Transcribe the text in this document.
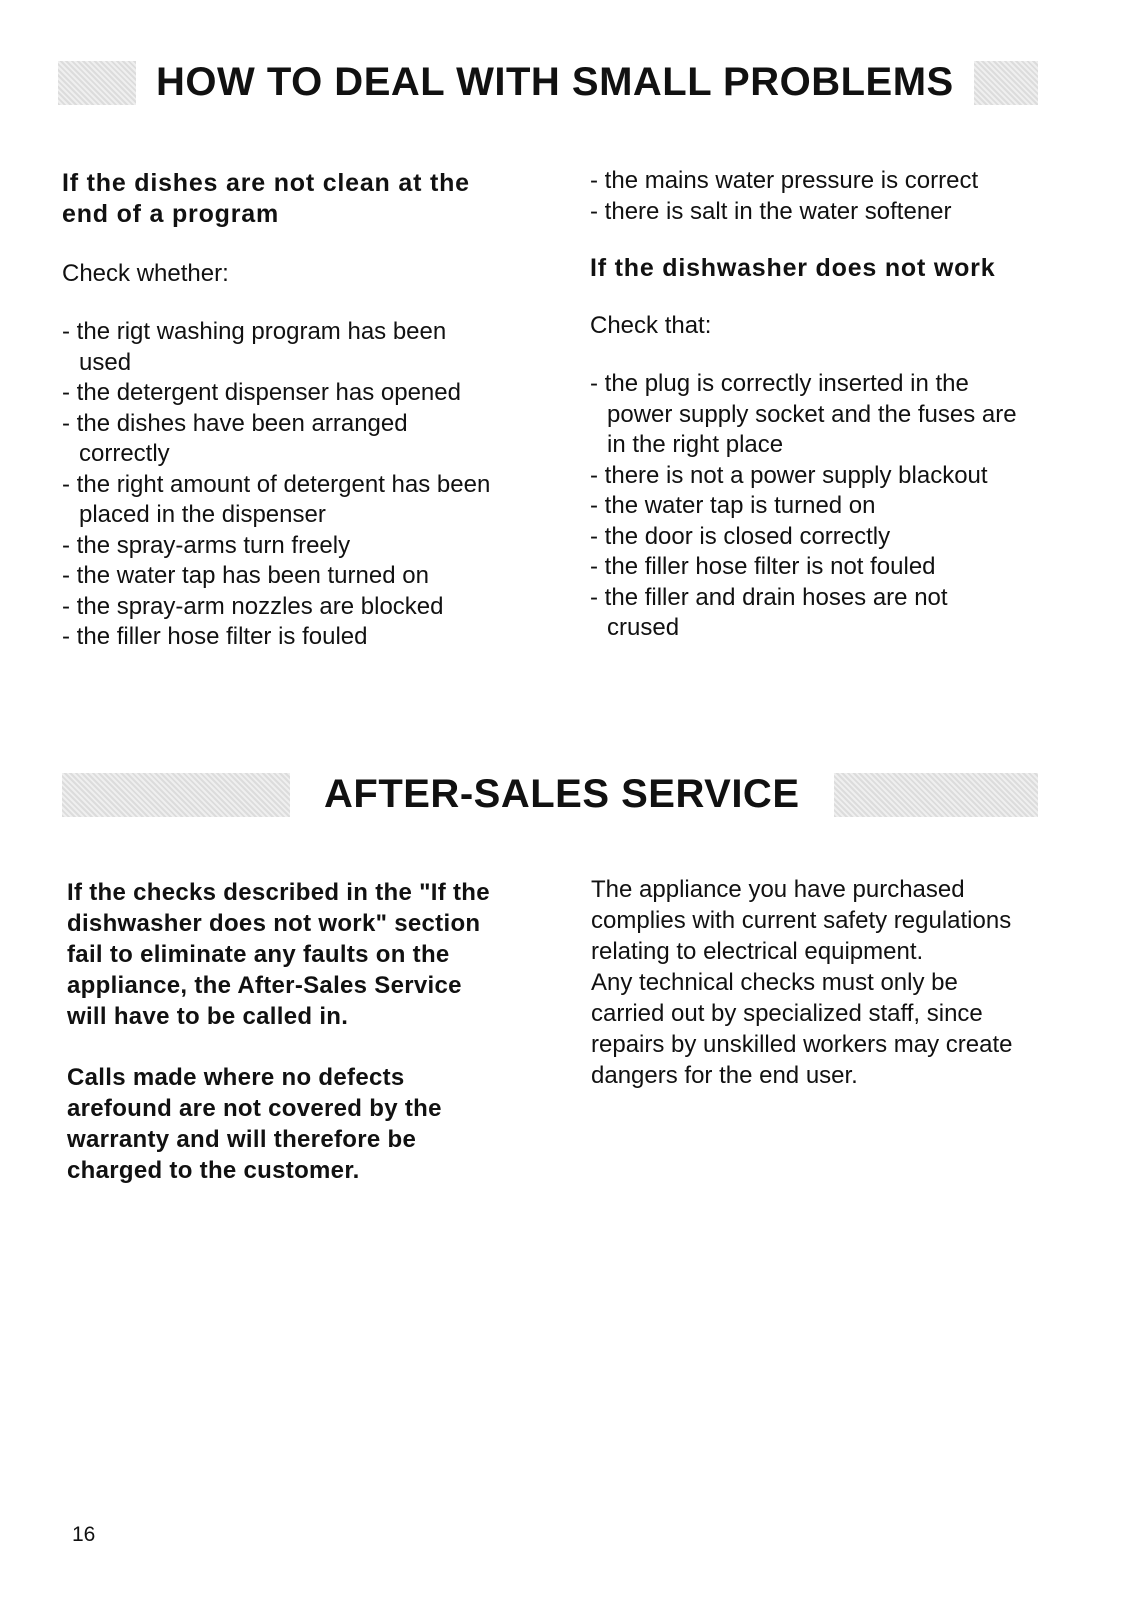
HOW TO DEAL WITH SMALL PROBLEMS

If the dishes are not clean at the end of a program

Check whether:

- the rigt washing program has been used
- the detergent dispenser has opened
- the dishes have been arranged correctly
- the right amount of detergent has been placed in the dispenser
- the spray-arms turn freely
- the water tap has been turned on
- the spray-arm nozzles are blocked
- the filler hose filter is fouled
- the mains water pressure is correct
- there is salt in the water softener

If the dishwasher does not work

Check that:

- the plug is correctly inserted in the power supply socket and the fuses are in the right place
- there is not a power supply blackout
- the water tap is turned on
- the door is closed correctly
- the filler hose filter is not fouled
- the filler and drain hoses are not crused
AFTER-SALES SERVICE

If the checks described in the "If the dishwasher does not work" section fail to eliminate any faults on the appliance, the After-Sales Service will have to be called in.

Calls made where no defects arefound are not covered by the warranty and will therefore be charged to the customer.

The appliance you have purchased complies with current safety regulations relating to electrical equipment.

Any technical checks must only be carried out by specialized staff, since repairs by unskilled workers may create dangers for the end user.

16
